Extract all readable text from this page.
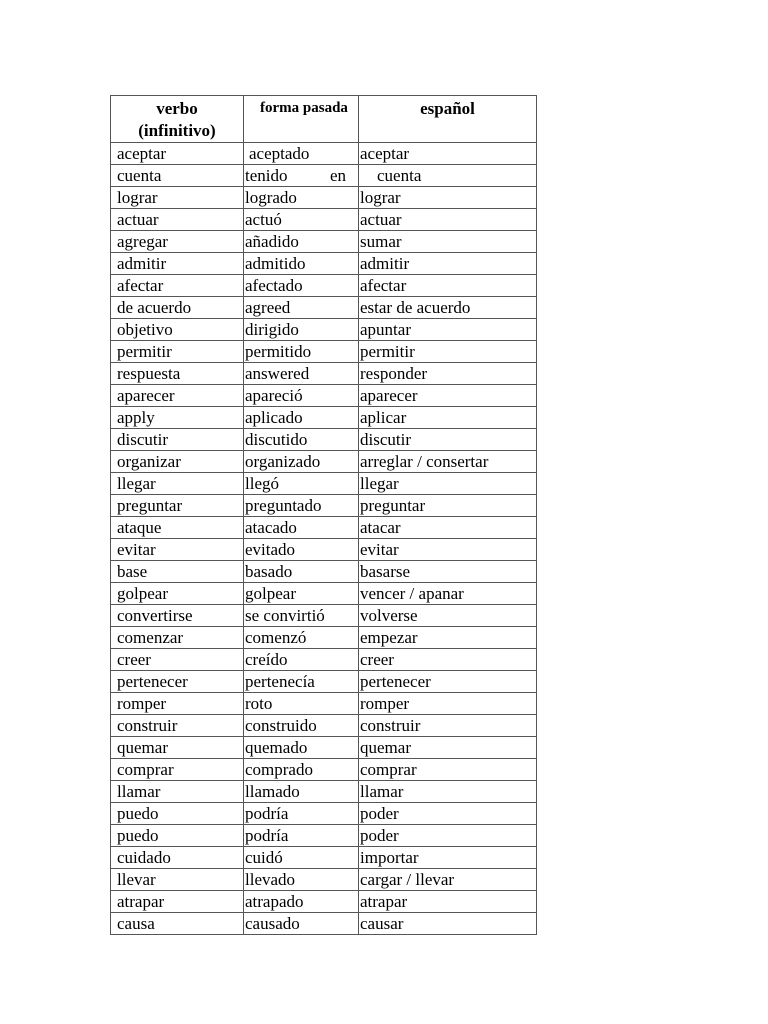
verbo
(infinitivo)	forma pasada	español
aceptar	aceptado	aceptar
cuenta	tenido en	cuenta
lograr	logrado	lograr
actuar	actuó	actuar
agregar	añadido	sumar
admitir	admitido	admitir
afectar	afectado	afectar
de acuerdo	agreed	estar de acuerdo
objetivo	dirigido	apuntar
permitir	permitido	permitir
respuesta	answered	responder
aparecer	apareció	aparecer
apply	aplicado	aplicar
discutir	discutido	discutir
organizar	organizado	arreglar / consertar
llegar	llegó	llegar
preguntar	preguntado	preguntar
ataque	atacado	atacar
evitar	evitado	evitar
base	basado	basarse
golpear	golpear	vencer / apanar
convertirse	se convirtió	volverse
comenzar	comenzó	empezar
creer	creído	creer
pertenecer	pertenecía	pertenecer
romper	roto	romper
construir	construido	construir
quemar	quemado	quemar
comprar	comprado	comprar
llamar	llamado	llamar
puedo	podría	poder
puedo	podría	poder
cuidado	cuidó	importar
llevar	llevado	cargar / llevar
atrapar	atrapado	atrapar
causa	causado	causar
